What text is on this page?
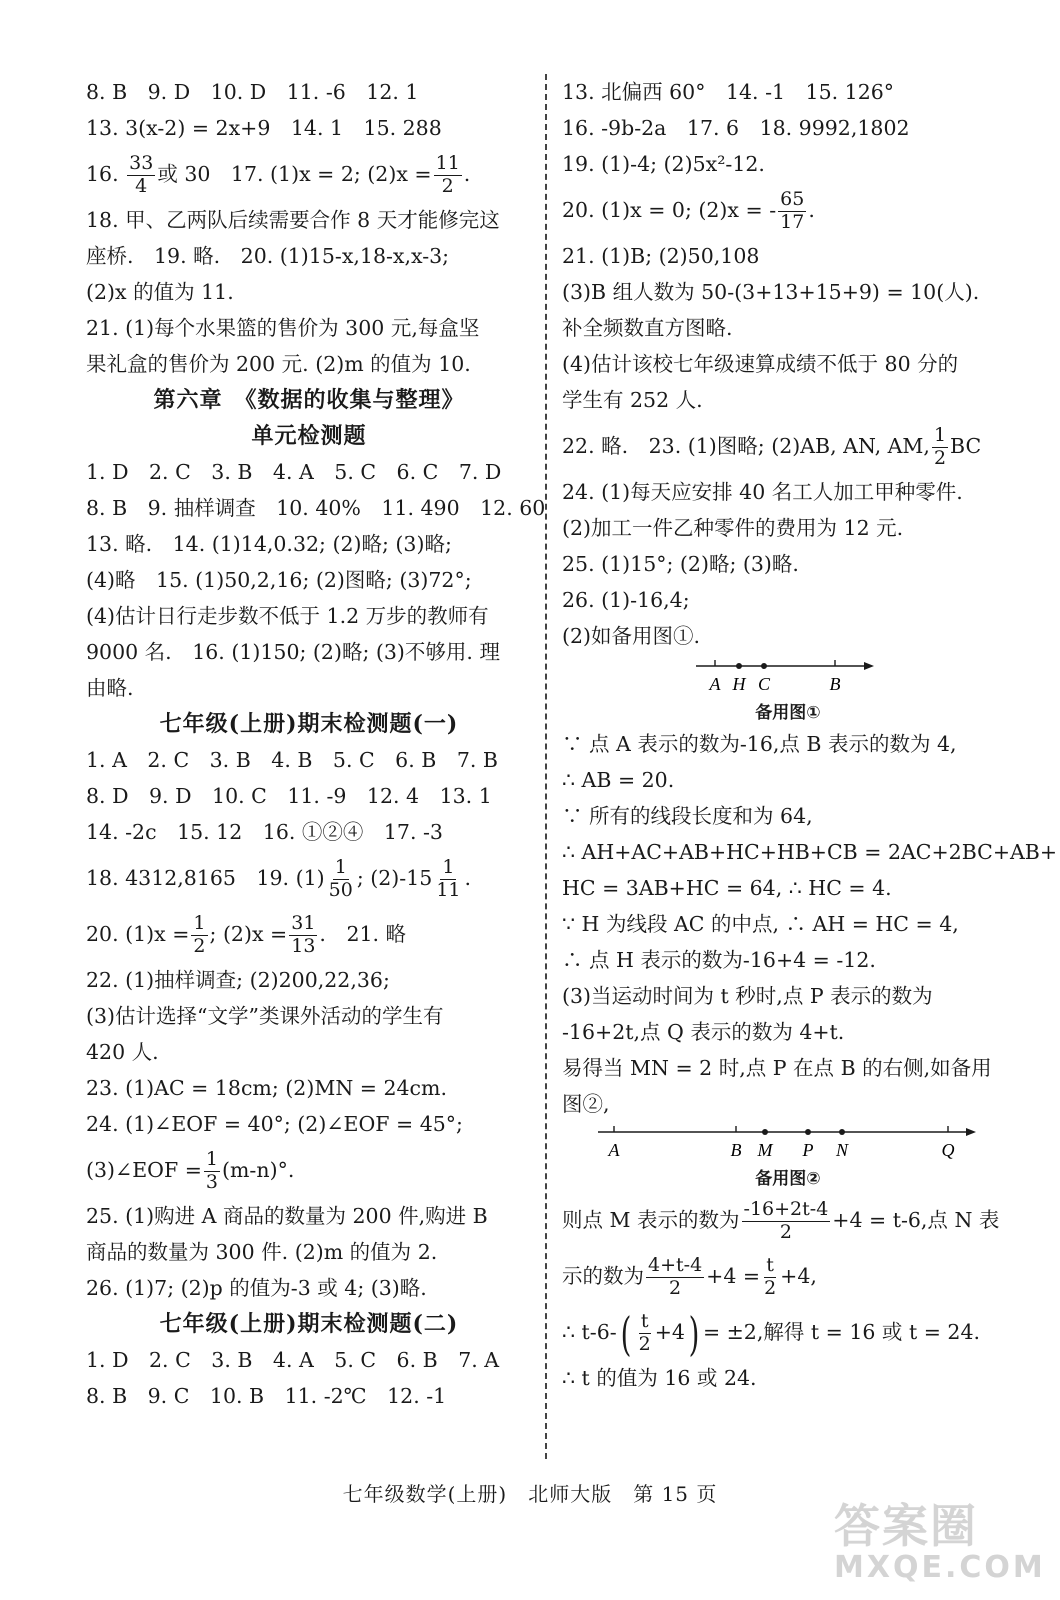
8. B　9. D　10. D　11. -6　12. 1
13. 3(x-2) = 2x+9　14. 1　15. 288
16. $\frac{33}{4}$ 或 30　17. (1)x = 2; $(2)x = \frac{11}{2}$ .
18. 甲、乙两队后续需要合作 8 天才能修完这
座桥.　19. 略.　20. (1)15-x,18-x,x-3;
(2)x 的值为 11.
21. (1)每个水果篮的售价为 300 元,每盒坚
果礼盒的售价为 200 元. (2)m 的值为 10.
第六章　《数据的收集与整理》
单元检测题
1. D　2. C　3. B　4. A　5. C　6. C　7. D
8. B　9. 抽样调查　10. 40%　11. 490　12. 60
13. 略.　14. (1)14,0.32; (2)略; (3)略;
(4)略　15. (1)50,2,16; (2)图略; (3)72°;
(4)估计日行走步数不低于 1.2 万步的教师有
9000 名.　16. (1)150; (2)略; (3)不够用. 理
由略.
七年级(上册)期末检测题(一)
1. A　2. C　3. B　4. B　5. C　6. B　7. B
8. D　9. D　10. C　11. -9　12. 4　13. 1
14. -2c　15. 12　16. ①②④　17. -3
18. 4312,8165　19. $(1) \frac{1}{50}$ ; $(2)-15 \frac{1}{11}$ .
20. $(1)x = \frac{1}{2}$ ; $(2)x = \frac{31}{13}$ .　21. 略
22. (1)抽样调查; (2)200,22,36;
(3)估计选择“文学”类课外活动的学生有
420 人.
23. (1)AC = 18cm; (2)MN = 24cm.
24. (1)∠EOF = 40°; (2)∠EOF = 45°;
(3)∠EOF = $\frac{1}{3} (m-n)^\circ$.
25. (1)购进 A 商品的数量为 200 件,购进 B
商品的数量为 300 件. (2)m 的值为 2.
26. (1)7; (2)p 的值为-3 或 4; (3)略.
七年级(上册)期末检测题(二)
1. D　2. C　3. B　4. A　5. C　6. B　7. A
8. B　9. C　10. B　11. -2℃　12. -1
13. 北偏西 60°　14. -1　15. 126°
16. -9b-2a　17. 6　18. 9992,1802
19. (1)-4; (2)5x²-12.
20. (1)x = 0; (2)x = - $\frac{65}{17}$ .
21. (1)B; (2)50,108
(3)B 组人数为 50-(3+13+15+9) = 10(人).
补全频数直方图略.
(4)估计该校七年级速算成绩不低于 80 分的
学生有 252 人.
22. 略.　23. (1)图略; (2)AB, AN, AM, $\frac{1}{2}$ BC
24. (1)每天应安排 40 名工人加工甲种零件.
(2)加工一件乙种零件的费用为 12 元.
25. (1)15°; (2)略; (3)略.
26. (1)-16,4;
(2)如备用图①.
A H C	B
备用图①
∵ 点 A 表示的数为-16,点 B 表示的数为 4,
∴ AB = 20.
∵ 所有的线段长度和为 64,
∴ AH+AC+AB+HC+HB+CB = 2AC+2BC+AB+
HC = 3AB+HC = 64, ∴ HC = 4.
∵ H 为线段 AC 的中点, ∴ AH = HC = 4,
∴ 点 H 表示的数为-16+4 = -12.
(3)当运动时间为 t 秒时,点 P 表示的数为
-16+2t,点 Q 表示的数为 4+t.
易得当 MN = 2 时,点 P 在点 B 的右侧,如备用
图②,
A	B M P N	Q
备用图②
则点 M 表示的数为 $\frac{-16+2t-4}{2} +4 = t-6$,点 N 表
示的数为 $\frac{4+t-4}{2} +4 = \frac{t}{2} +4$,
∴ $t-6-( \frac{t}{2} +4) = \pm 2$,解得 t = 16 或 t = 24.
∴ t 的值为 16 或 24.
七年级数学(上册)　北师大版　第 15 页
答案圈
MXQE.COM
